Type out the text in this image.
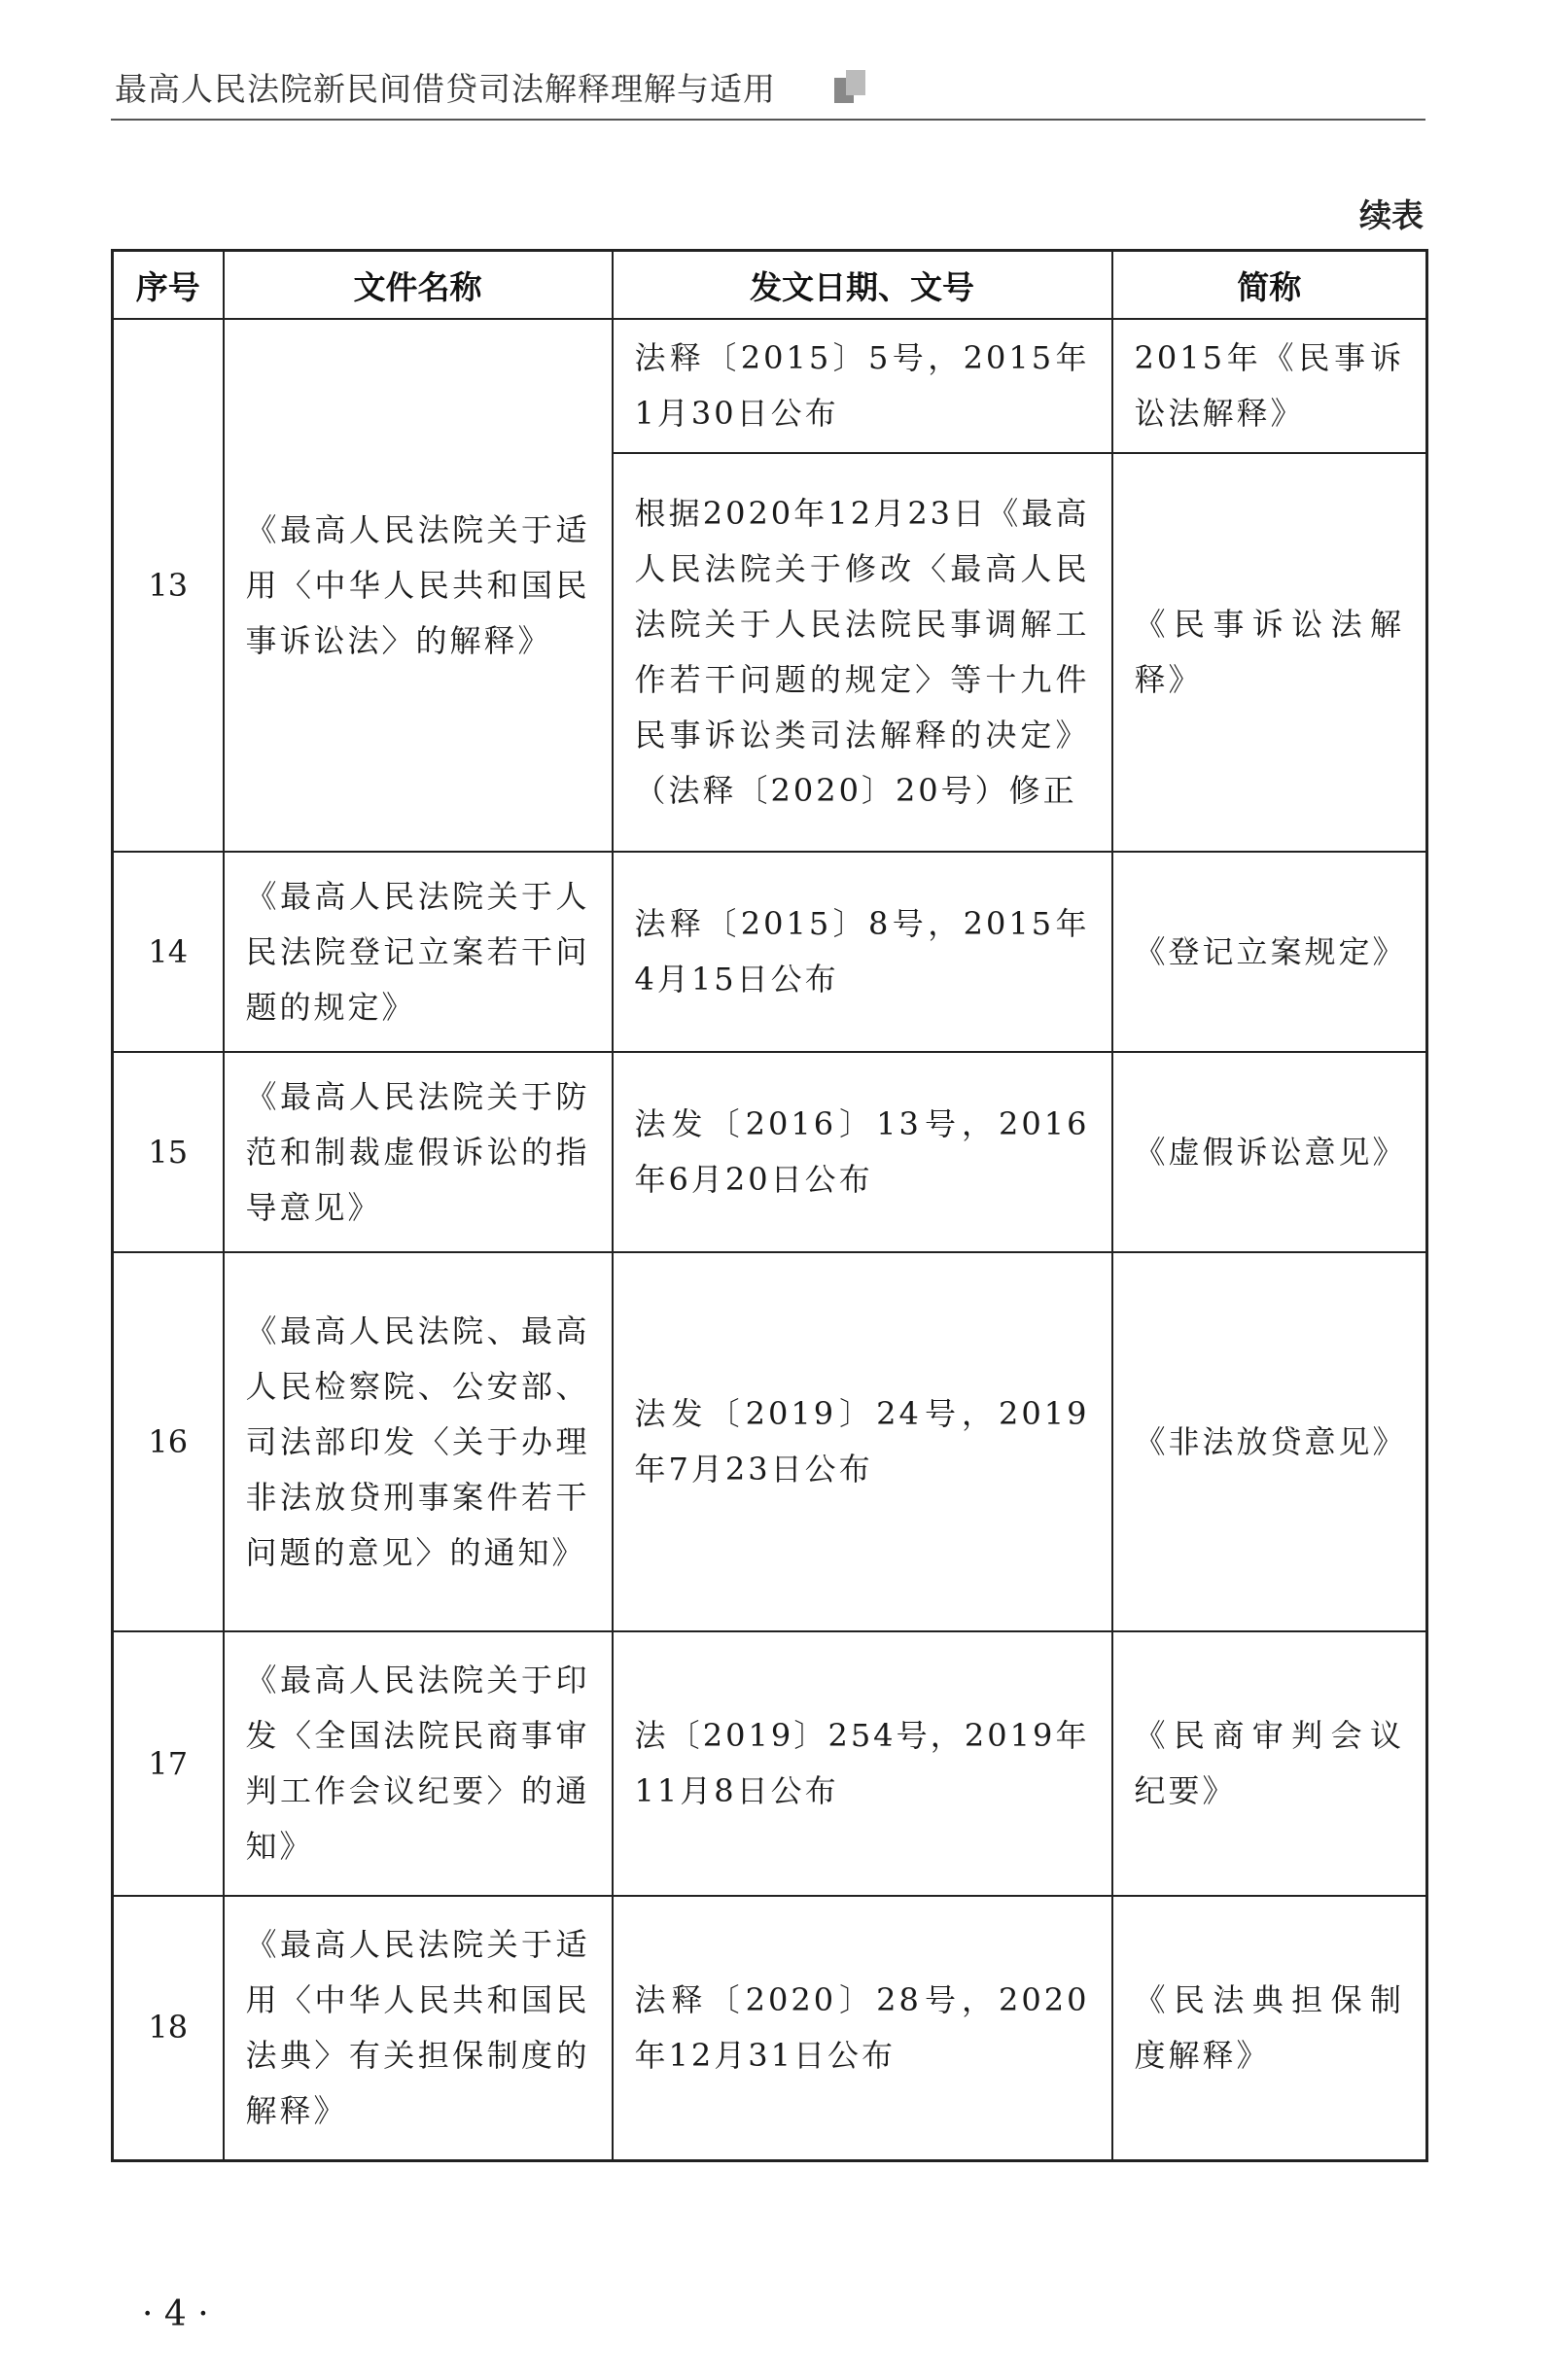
最高人民法院新民间借贷司法解释理解与适用
续表
序号	文件名称	发文日期、文号	简称
13	《最高人民法院关于适用〈中华人民共和国民事诉讼法〉的解释》	法释〔2015〕5号，2015年1月30日公布	2015年《民事诉讼法解释》
		根据2020年12月23日《最高人民法院关于修改〈最高人民法院关于人民法院民事调解工作若干问题的规定〉等十九件民事诉讼类司法解释的决定》（法释〔2020〕20号）修正	《民事诉讼法解释》
14	《最高人民法院关于人民法院登记立案若干问题的规定》	法释〔2015〕8号，2015年4月15日公布	《登记立案规定》
15	《最高人民法院关于防范和制裁虚假诉讼的指导意见》	法发〔2016〕13号，2016年6月20日公布	《虚假诉讼意见》
16	《最高人民法院、最高人民检察院、公安部、司法部印发〈关于办理非法放贷刑事案件若干问题的意见〉的通知》	法发〔2019〕24号，2019年7月23日公布	《非法放贷意见》
17	《最高人民法院关于印发〈全国法院民商事审判工作会议纪要〉的通知》	法〔2019〕254号，2019年11月8日公布	《民商审判会议纪要》
18	《最高人民法院关于适用〈中华人民共和国民法典〉有关担保制度的解释》	法释〔2020〕28号，2020年12月31日公布	《民法典担保制度解释》
· 4 ·
